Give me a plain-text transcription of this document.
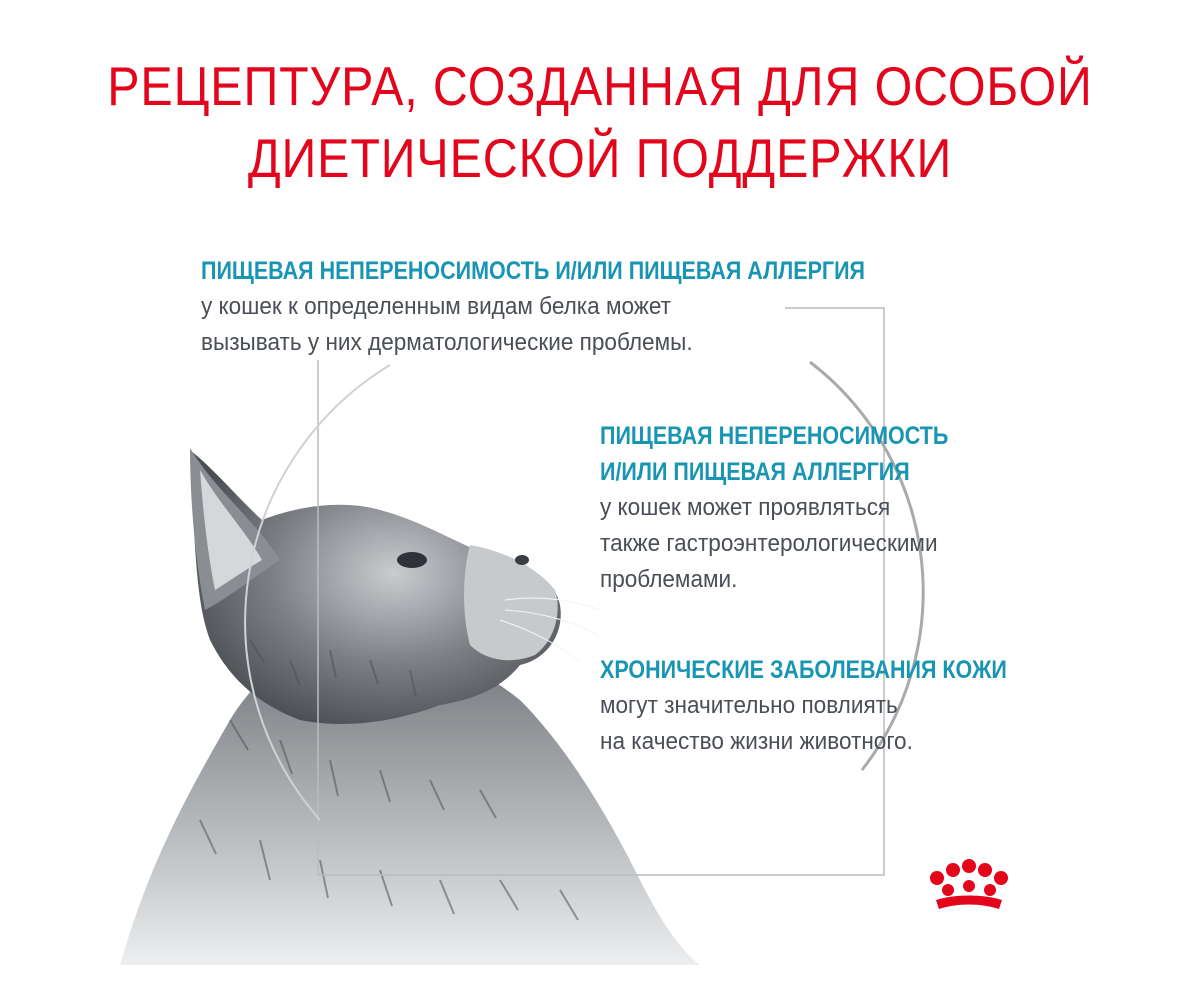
РЕЦЕПТУРА, СОЗДАННАЯ ДЛЯ ОСОБОЙ
ДИЕТИЧЕСКОЙ ПОДДЕРЖКИ

ПИЩЕВАЯ НЕПЕРЕНОСИМОСТЬ И/ИЛИ ПИЩЕВАЯ АЛЛЕРГИЯ

у кошек к определенным видам белка может
вызывать у них дерматологические проблемы.

ПИЩЕВАЯ НЕПЕРЕНОСИМОСТЬ
И/ИЛИ ПИЩЕВАЯ АЛЛЕРГИЯ

у кошек может проявляться
также гастроэнтерологическими
проблемами.

ХРОНИЧЕСКИЕ ЗАБОЛЕВАНИЯ КОЖИ

могут значительно повлиять
на качество жизни животного.
